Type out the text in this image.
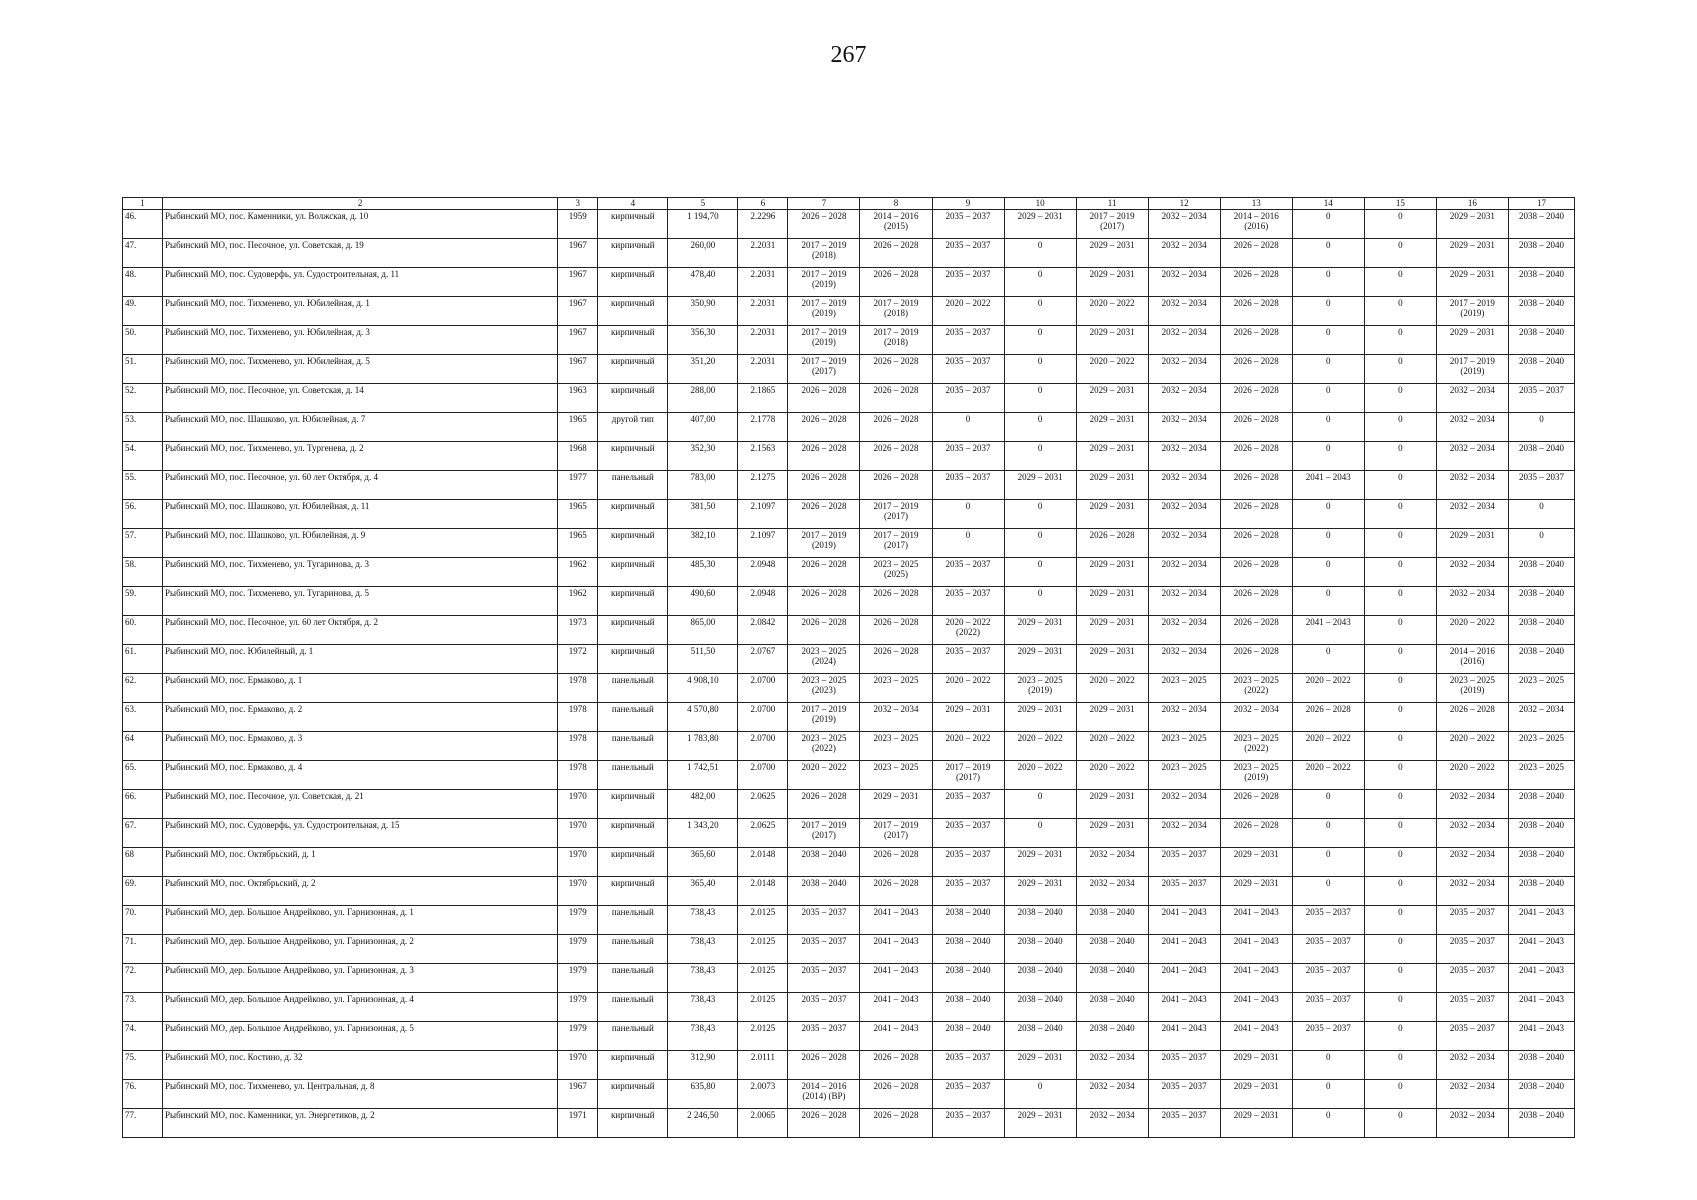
267
1	2	3	4	5	6	7	8	9	10	11	12	13	14	15	16	17
46.	Рыбинский МО, пос. Каменники, ул. Волжская, д. 10	1959	кирпичный	1 194,70	2.2296	2026 – 2028	2014 – 2016
(2015)	2035 – 2037	2029 – 2031	2017 – 2019
(2017)	2032 – 2034	2014 – 2016
(2016)	0	0	2029 – 2031	2038 – 2040
47.	Рыбинский МО, пос. Песочное, ул. Советская, д. 19	1967	кирпичный	260,00	2.2031	2017 – 2019
(2018)	2026 – 2028	2035 – 2037	0	2029 – 2031	2032 – 2034	2026 – 2028	0	0	2029 – 2031	2038 – 2040
48.	Рыбинский МО, пос. Судоверфь, ул. Судостроительная, д. 11	1967	кирпичный	478,40	2.2031	2017 – 2019
(2019)	2026 – 2028	2035 – 2037	0	2029 – 2031	2032 – 2034	2026 – 2028	0	0	2029 – 2031	2038 – 2040
49.	Рыбинский МО, пос. Тихменево, ул. Юбилейная, д. 1	1967	кирпичный	350,90	2.2031	2017 – 2019
(2019)	2017 – 2019
(2018)	2020 – 2022	0	2020 – 2022	2032 – 2034	2026 – 2028	0	0	2017 – 2019
(2019)	2038 – 2040
50.	Рыбинский МО, пос. Тихменево, ул. Юбилейная, д. 3	1967	кирпичный	356,30	2.2031	2017 – 2019
(2019)	2017 – 2019
(2018)	2035 – 2037	0	2029 – 2031	2032 – 2034	2026 – 2028	0	0	2029 – 2031	2038 – 2040
51.	Рыбинский МО, пос. Тихменево, ул. Юбилейная, д. 5	1967	кирпичный	351,20	2.2031	2017 – 2019
(2017)	2026 – 2028	2035 – 2037	0	2020 – 2022	2032 – 2034	2026 – 2028	0	0	2017 – 2019
(2019)	2038 – 2040
52.	Рыбинский МО, пос. Песочное, ул. Советская, д. 14	1963	кирпичный	288,00	2.1865	2026 – 2028	2026 – 2028	2035 – 2037	0	2029 – 2031	2032 – 2034	2026 – 2028	0	0	2032 – 2034	2035 – 2037
53.	Рыбинский МО, пос. Шашково, ул. Юбилейная, д. 7	1965	другой тип	407,00	2.1778	2026 – 2028	2026 – 2028	0	0	2029 – 2031	2032 – 2034	2026 – 2028	0	0	2032 – 2034	0
54.	Рыбинский МО, пос. Тихменево, ул. Тургенева, д. 2	1968	кирпичный	352,30	2.1563	2026 – 2028	2026 – 2028	2035 – 2037	0	2029 – 2031	2032 – 2034	2026 – 2028	0	0	2032 – 2034	2038 – 2040
55.	Рыбинский МО, пос. Песочное, ул. 60 лет Октября, д. 4	1977	панельный	783,00	2.1275	2026 – 2028	2026 – 2028	2035 – 2037	2029 – 2031	2029 – 2031	2032 – 2034	2026 – 2028	2041 – 2043	0	2032 – 2034	2035 – 2037
56.	Рыбинский МО, пос. Шашково, ул. Юбилейная, д. 11	1965	кирпичный	381,50	2.1097	2026 – 2028	2017 – 2019
(2017)	0	0	2029 – 2031	2032 – 2034	2026 – 2028	0	0	2032 – 2034	0
57.	Рыбинский МО, пос. Шашково, ул. Юбилейная, д. 9	1965	кирпичный	382,10	2.1097	2017 – 2019
(2019)	2017 – 2019
(2017)	0	0	2026 – 2028	2032 – 2034	2026 – 2028	0	0	2029 – 2031	0
58.	Рыбинский МО, пос. Тихменево, ул. Тугаринова, д. 3	1962	кирпичный	485,30	2.0948	2026 – 2028	2023 – 2025
(2025)	2035 – 2037	0	2029 – 2031	2032 – 2034	2026 – 2028	0	0	2032 – 2034	2038 – 2040
59.	Рыбинский МО, пос. Тихменево, ул. Тугаринова, д. 5	1962	кирпичный	490,60	2.0948	2026 – 2028	2026 – 2028	2035 – 2037	0	2029 – 2031	2032 – 2034	2026 – 2028	0	0	2032 – 2034	2038 – 2040
60.	Рыбинский МО, пос. Песочное, ул. 60 лет Октября, д. 2	1973	кирпичный	865,00	2.0842	2026 – 2028	2026 – 2028	2020 – 2022
(2022)	2029 – 2031	2029 – 2031	2032 – 2034	2026 – 2028	2041 – 2043	0	2020 – 2022	2038 – 2040
61.	Рыбинский МО, пос. Юбилейный, д. 1	1972	кирпичный	511,50	2.0767	2023 – 2025
(2024)	2026 – 2028	2035 – 2037	2029 – 2031	2029 – 2031	2032 – 2034	2026 – 2028	0	0	2014 – 2016
(2016)	2038 – 2040
62.	Рыбинский МО, пос. Ермаково, д. 1	1978	панельный	4 908,10	2.0700	2023 – 2025
(2023)	2023 – 2025	2020 – 2022	2023 – 2025
(2019)	2020 – 2022	2023 – 2025	2023 – 2025
(2022)	2020 – 2022	0	2023 – 2025
(2019)	2023 – 2025
63.	Рыбинский МО, пос. Ермаково, д. 2	1978	панельный	4 570,80	2.0700	2017 – 2019
(2019)	2032 – 2034	2029 – 2031	2029 – 2031	2029 – 2031	2032 – 2034	2032 – 2034	2026 – 2028	0	2026 – 2028	2032 – 2034
64	Рыбинский МО, пос. Ермаково, д. 3	1978	панельный	1 783,80	2.0700	2023 – 2025
(2022)	2023 – 2025	2020 – 2022	2020 – 2022	2020 – 2022	2023 – 2025	2023 – 2025
(2022)	2020 – 2022	0	2020 – 2022	2023 – 2025
65.	Рыбинский МО, пос. Ермаково, д. 4	1978	панельный	1 742,51	2.0700	2020 – 2022	2023 – 2025	2017 – 2019
(2017)	2020 – 2022	2020 – 2022	2023 – 2025	2023 – 2025
(2019)	2020 – 2022	0	2020 – 2022	2023 – 2025
66.	Рыбинский МО, пос. Песочное, ул. Советская, д. 21	1970	кирпичный	482,00	2.0625	2026 – 2028	2029 – 2031	2035 – 2037	0	2029 – 2031	2032 – 2034	2026 – 2028	0	0	2032 – 2034	2038 – 2040
67.	Рыбинский МО, пос. Судоверфь, ул. Судостроительная, д. 15	1970	кирпичный	1 343,20	2.0625	2017 – 2019
(2017)	2017 – 2019
(2017)	2035 – 2037	0	2029 – 2031	2032 – 2034	2026 – 2028	0	0	2032 – 2034	2038 – 2040
68	Рыбинский МО, пос. Октябрьский, д. 1	1970	кирпичный	365,60	2.0148	2038 – 2040	2026 – 2028	2035 – 2037	2029 – 2031	2032 – 2034	2035 – 2037	2029 – 2031	0	0	2032 – 2034	2038 – 2040
69.	Рыбинский МО, пос. Октябрьский, д. 2	1970	кирпичный	365,40	2.0148	2038 – 2040	2026 – 2028	2035 – 2037	2029 – 2031	2032 – 2034	2035 – 2037	2029 – 2031	0	0	2032 – 2034	2038 – 2040
70.	Рыбинский МО, дер. Большое Андрейково, ул. Гарнизонная, д. 1	1979	панельный	738,43	2.0125	2035 – 2037	2041 – 2043	2038 – 2040	2038 – 2040	2038 – 2040	2041 – 2043	2041 – 2043	2035 – 2037	0	2035 – 2037	2041 – 2043
71.	Рыбинский МО, дер. Большое Андрейково, ул. Гарнизонная, д. 2	1979	панельный	738,43	2.0125	2035 – 2037	2041 – 2043	2038 – 2040	2038 – 2040	2038 – 2040	2041 – 2043	2041 – 2043	2035 – 2037	0	2035 – 2037	2041 – 2043
72.	Рыбинский МО, дер. Большое Андрейково, ул. Гарнизонная, д. 3	1979	панельный	738,43	2.0125	2035 – 2037	2041 – 2043	2038 – 2040	2038 – 2040	2038 – 2040	2041 – 2043	2041 – 2043	2035 – 2037	0	2035 – 2037	2041 – 2043
73.	Рыбинский МО, дер. Большое Андрейково, ул. Гарнизонная, д. 4	1979	панельный	738,43	2.0125	2035 – 2037	2041 – 2043	2038 – 2040	2038 – 2040	2038 – 2040	2041 – 2043	2041 – 2043	2035 – 2037	0	2035 – 2037	2041 – 2043
74.	Рыбинский МО, дер. Большое Андрейково, ул. Гарнизонная, д. 5	1979	панельный	738,43	2.0125	2035 – 2037	2041 – 2043	2038 – 2040	2038 – 2040	2038 – 2040	2041 – 2043	2041 – 2043	2035 – 2037	0	2035 – 2037	2041 – 2043
75.	Рыбинский МО, пос. Костино, д. 32	1970	кирпичный	312,90	2.0111	2026 – 2028	2026 – 2028	2035 – 2037	2029 – 2031	2032 – 2034	2035 – 2037	2029 – 2031	0	0	2032 – 2034	2038 – 2040
76.	Рыбинский МО, пос. Тихменево, ул. Центральная, д. 8	1967	кирпичный	635,80	2.0073	2014 – 2016
(2014) (ВР)	2026 – 2028	2035 – 2037	0	2032 – 2034	2035 – 2037	2029 – 2031	0	0	2032 – 2034	2038 – 2040
77.	Рыбинский МО, пос. Каменники, ул. Энергетиков, д. 2	1971	кирпичный	2 246,50	2.0065	2026 – 2028	2026 – 2028	2035 – 2037	2029 – 2031	2032 – 2034	2035 – 2037	2029 – 2031	0	0	2032 – 2034	2038 – 2040
